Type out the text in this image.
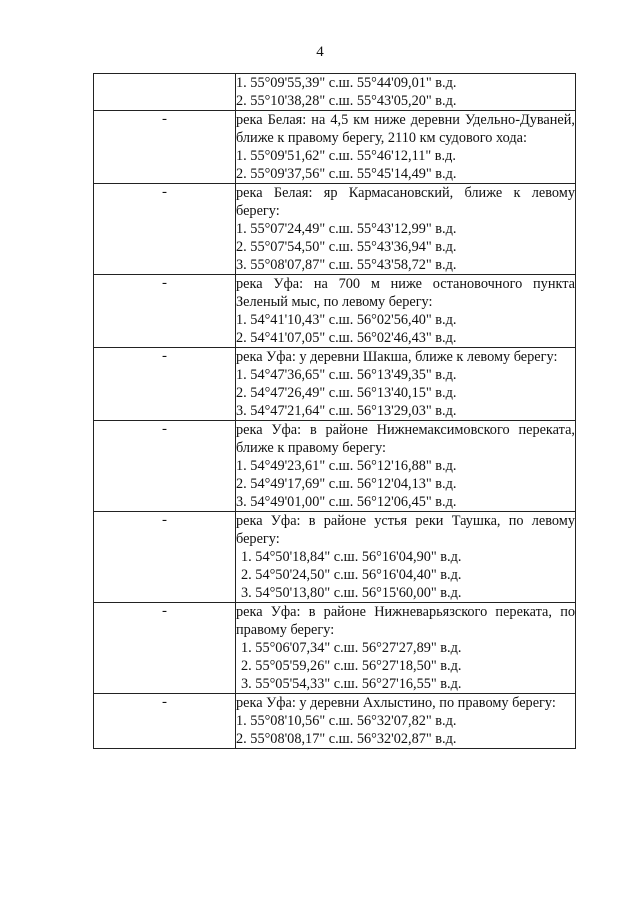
4

	1. 55°09'55,39" с.ш. 55°44'09,01" в.д.
2. 55°10'38,28" с.ш. 55°43'05,20" в.д.

-	река Белая: на 4,5 км ниже деревни Удельно-Дуваней, ближе к правому берегу, 2110 км судового хода:
1. 55°09'51,62" с.ш. 55°46'12,11" в.д.
2. 55°09'37,56" с.ш. 55°45'14,49" в.д.

-	река Белая: яр Кармасановский, ближе к левому берегу:
1. 55°07'24,49" с.ш. 55°43'12,99" в.д.
2. 55°07'54,50" с.ш. 55°43'36,94" в.д.
3. 55°08'07,87" с.ш. 55°43'58,72" в.д.

-	река Уфа: на 700 м ниже остановочного пункта Зеленый мыс, по левому берегу:
1. 54°41'10,43" с.ш. 56°02'56,40" в.д.
2. 54°41'07,05" с.ш. 56°02'46,43" в.д.

-	река Уфа: у деревни Шакша, ближе к левому берегу:
1. 54°47'36,65" с.ш. 56°13'49,35" в.д.
2. 54°47'26,49" с.ш. 56°13'40,15" в.д.
3. 54°47'21,64" с.ш. 56°13'29,03" в.д.

-	река Уфа: в районе Нижнемаксимовского переката, ближе к правому берегу:
1. 54°49'23,61" с.ш. 56°12'16,88" в.д.
2. 54°49'17,69" с.ш. 56°12'04,13" в.д.
3. 54°49'01,00" с.ш. 56°12'06,45" в.д.

-	река Уфа: в районе устья реки Таушка, по левому берегу:
1. 54°50'18,84" с.ш. 56°16'04,90" в.д.
2. 54°50'24,50" с.ш. 56°16'04,40" в.д.
3. 54°50'13,80" с.ш. 56°15'60,00" в.д.

-	река Уфа: в районе Нижневарьязского переката, по правому берегу:
1. 55°06'07,34" с.ш. 56°27'27,89" в.д.
2. 55°05'59,26" с.ш. 56°27'18,50" в.д.
3. 55°05'54,33" с.ш. 56°27'16,55" в.д.

-	река Уфа: у деревни Ахлыстино, по правому берегу:
1. 55°08'10,56" с.ш. 56°32'07,82" в.д.
2. 55°08'08,17" с.ш. 56°32'02,87" в.д.
